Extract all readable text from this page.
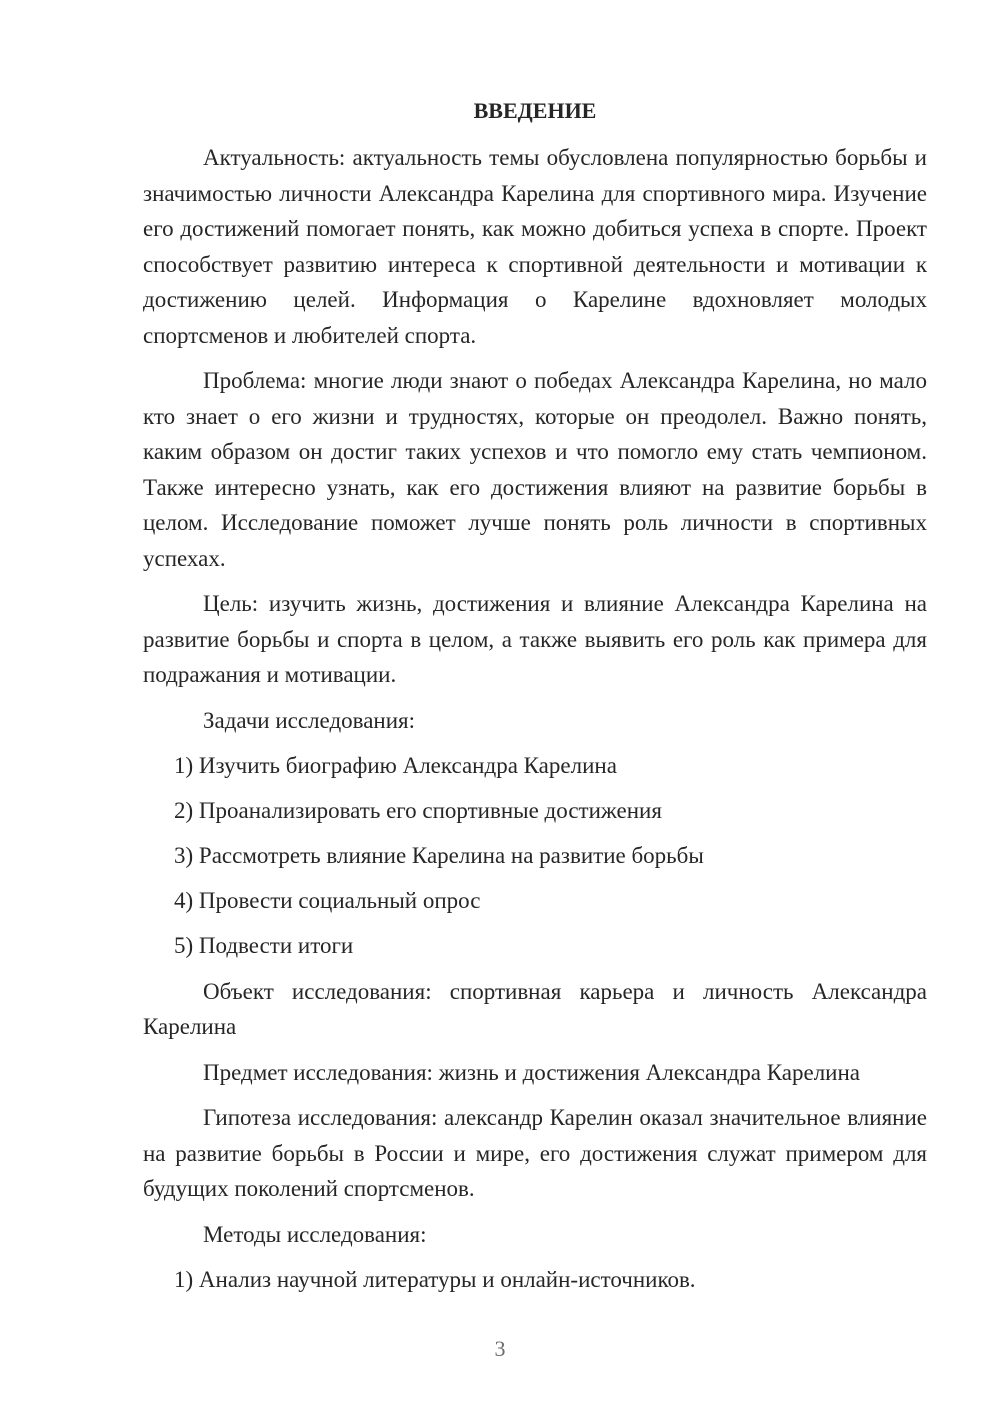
ВВЕДЕНИЕ

Актуальность: актуальность темы обусловлена популярностью борьбы и значимостью личности Александра Карелина для спортивного мира. Изучение его достижений помогает понять, как можно добиться успеха в спорте. Проект способствует развитию интереса к спортивной деятельности и мотивации к достижению целей. Информация о Карелине вдохновляет молодых спортсменов и любителей спорта.

Проблема: многие люди знают о победах Александра Карелина, но мало кто знает о его жизни и трудностях, которые он преодолел. Важно понять, каким образом он достиг таких успехов и что помогло ему стать чемпионом. Также интересно узнать, как его достижения влияют на развитие борьбы в целом. Исследование поможет лучше понять роль личности в спортивных успехах.

Цель: изучить жизнь, достижения и влияние Александра Карелина на развитие борьбы и спорта в целом, а также выявить его роль как примера для подражания и мотивации.

Задачи исследования:

1) Изучить биографию Александра Карелина

2) Проанализировать его спортивные достижения

3) Рассмотреть влияние Карелина на развитие борьбы

4) Провести социальный опрос

5) Подвести итоги

Объект исследования: спортивная карьера и личность Александра Карелина

Предмет исследования: жизнь и достижения Александра Карелина

Гипотеза исследования: александр Карелин оказал значительное влияние на развитие борьбы в России и мире, его достижения служат примером для будущих поколений спортсменов.

Методы исследования:

1) Анализ научной литературы и онлайн-источников.

3
